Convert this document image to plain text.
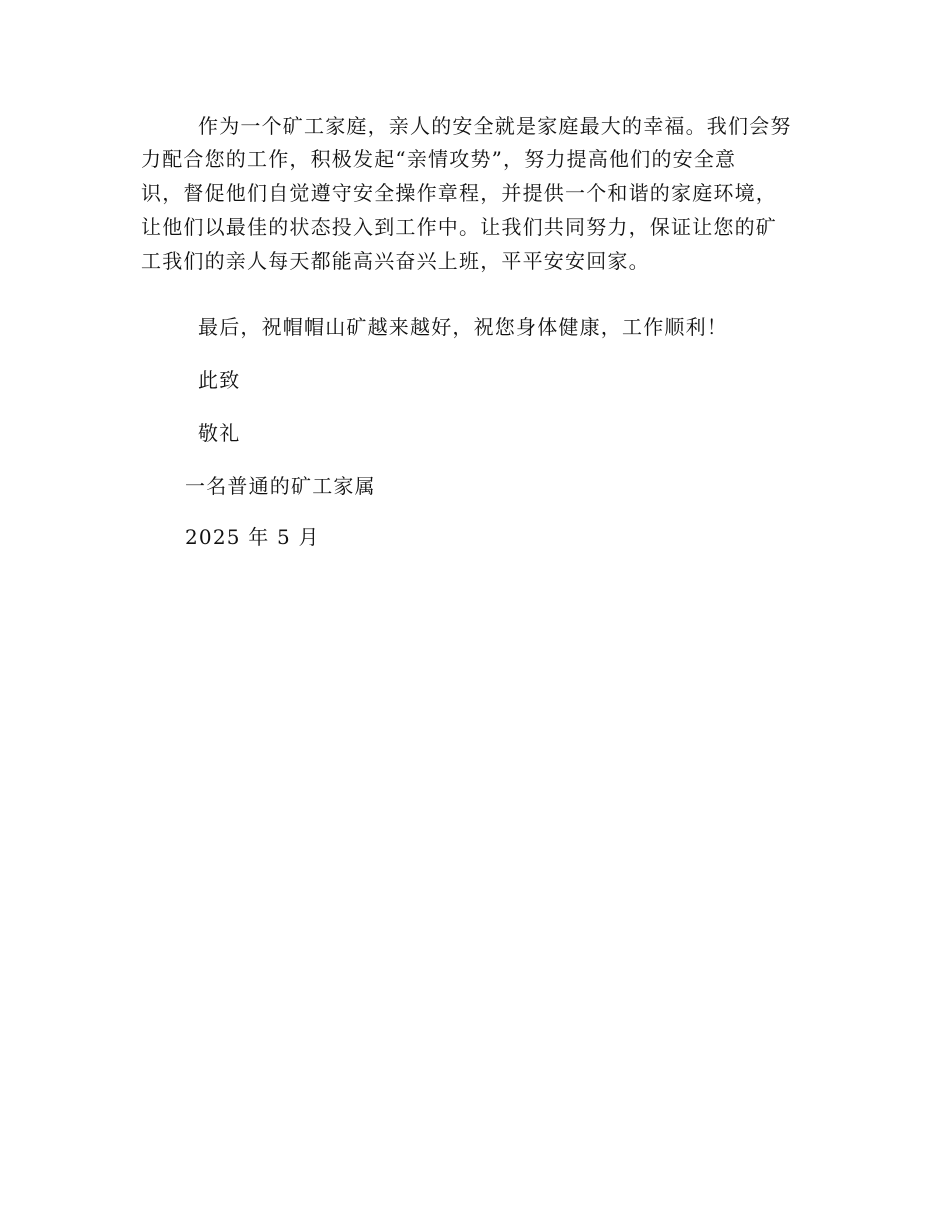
作为一个矿工家庭，亲人的安全就是家庭最大的幸福。我们会努
力配合您的工作，积极发起“亲情攻势”，努力提高他们的安全意
识，督促他们自觉遵守安全操作章程，并提供一个和谐的家庭环境，
让他们以最佳的状态投入到工作中。让我们共同努力，保证让您的矿
工我们的亲人每天都能高兴奋兴上班，平平安安回家。
最后，祝帽帽山矿越来越好，祝您身体健康，工作顺利！
此致
敬礼
一名普通的矿工家属
2025 年 5 月
